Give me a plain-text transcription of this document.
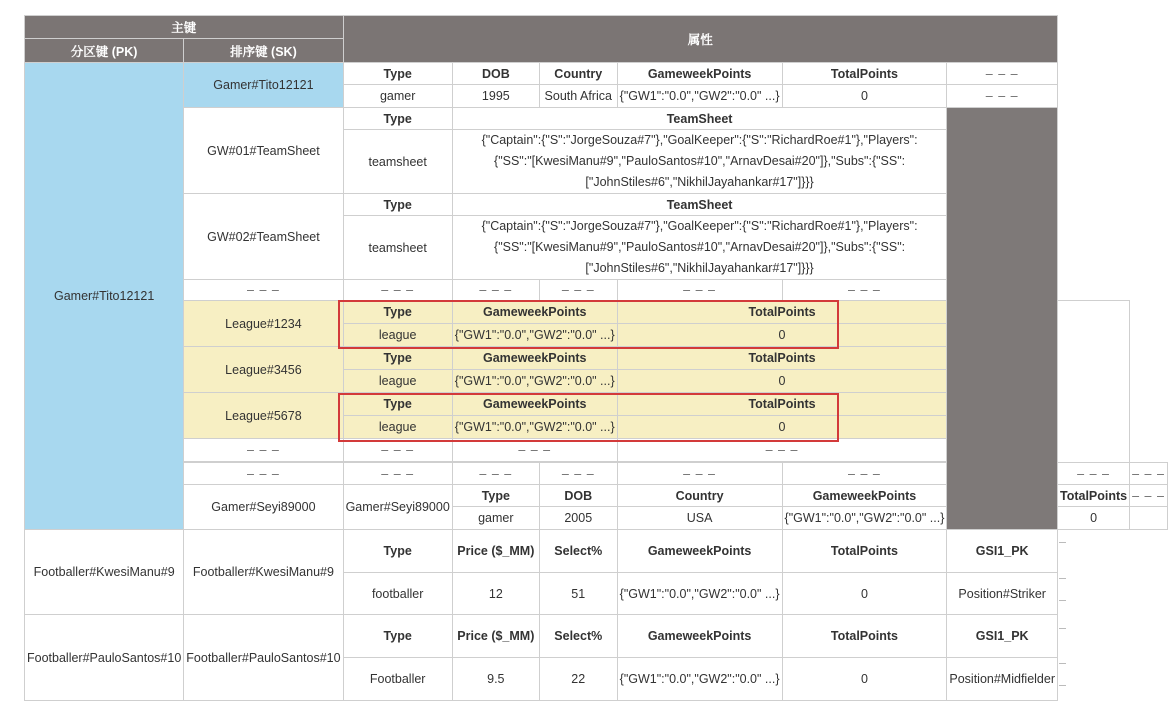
主键		属性							
分区键 (PK)	排序键 (SK)								
Gamer#Tito12121	Gamer#Tito12121	Type	DOB	Country	GameweekPoints	TotalPoints	– – –		
		gamer	1995	South Africa	{"GW1":"0.0","GW2":"0.0" ...}	0	– – –		
	GW#01#TeamSheet	Type	TeamSheet						
		teamsheet	{"Captain":{"S":"JorgeSouza#7"},"GoalKeeper":{"S":"RichardRoe#1"},"Players":{"SS":"[KwesiManu#9","PauloSantos#10","ArnavDesai#20"]},"Subs":{"SS":["JohnStiles#6","NikhilJayahankar#17"]}}}						
	GW#02#TeamSheet	Type	TeamSheet						
		teamsheet	{"Captain":{"S":"JorgeSouza#7"},"GoalKeeper":{"S":"RichardRoe#1"},"Players":{"SS":"[KwesiManu#9","PauloSantos#10","ArnavDesai#20"]},"Subs":{"SS":["JohnStiles#6","NikhilJayahankar#17"]}}}						
	– – –	– – –	– – –	– – –	– – –	– – –			
	League#1234	Type	GameweekPoints		TotalPoints				
		league	{"GW1":"0.0","GW2":"0.0" ...}		0				
	League#3456	Type	GameweekPoints		TotalPoints				
		league	{"GW1":"0.0","GW2":"0.0" ...}		0				
	League#5678	Type	GameweekPoints		TotalPoints				
		league	{"GW1":"0.0","GW2":"0.0" ...}		0				
	– – –	– – –	– – –		– – –				

	– – –	– – –	– – –	– – –	– – –	– – –		– – –	– – –
	Gamer#Seyi89000	Gamer#Seyi89000	Type	DOB	Country	GameweekPoints		TotalPoints	– – –
			gamer	2005	USA	{"GW1":"0.0","GW2":"0.0" ...}		0	
Footballer#KwesiManu#9	Footballer#KwesiManu#9	Type	Price ($_MM)	Select%	GameweekPoints	TotalPoints	GSI1_PK		
		footballer	12	51	{"GW1":"0.0","GW2":"0.0" ...}	0	Position#Striker		
Footballer#PauloSantos#10	Footballer#PauloSantos#10	Type	Price ($_MM)	Select%	GameweekPoints	TotalPoints	GSI1_PK		
		Footballer	9.5	22	{"GW1":"0.0","GW2":"0.0" ...}	0	Position#Midfielder		
